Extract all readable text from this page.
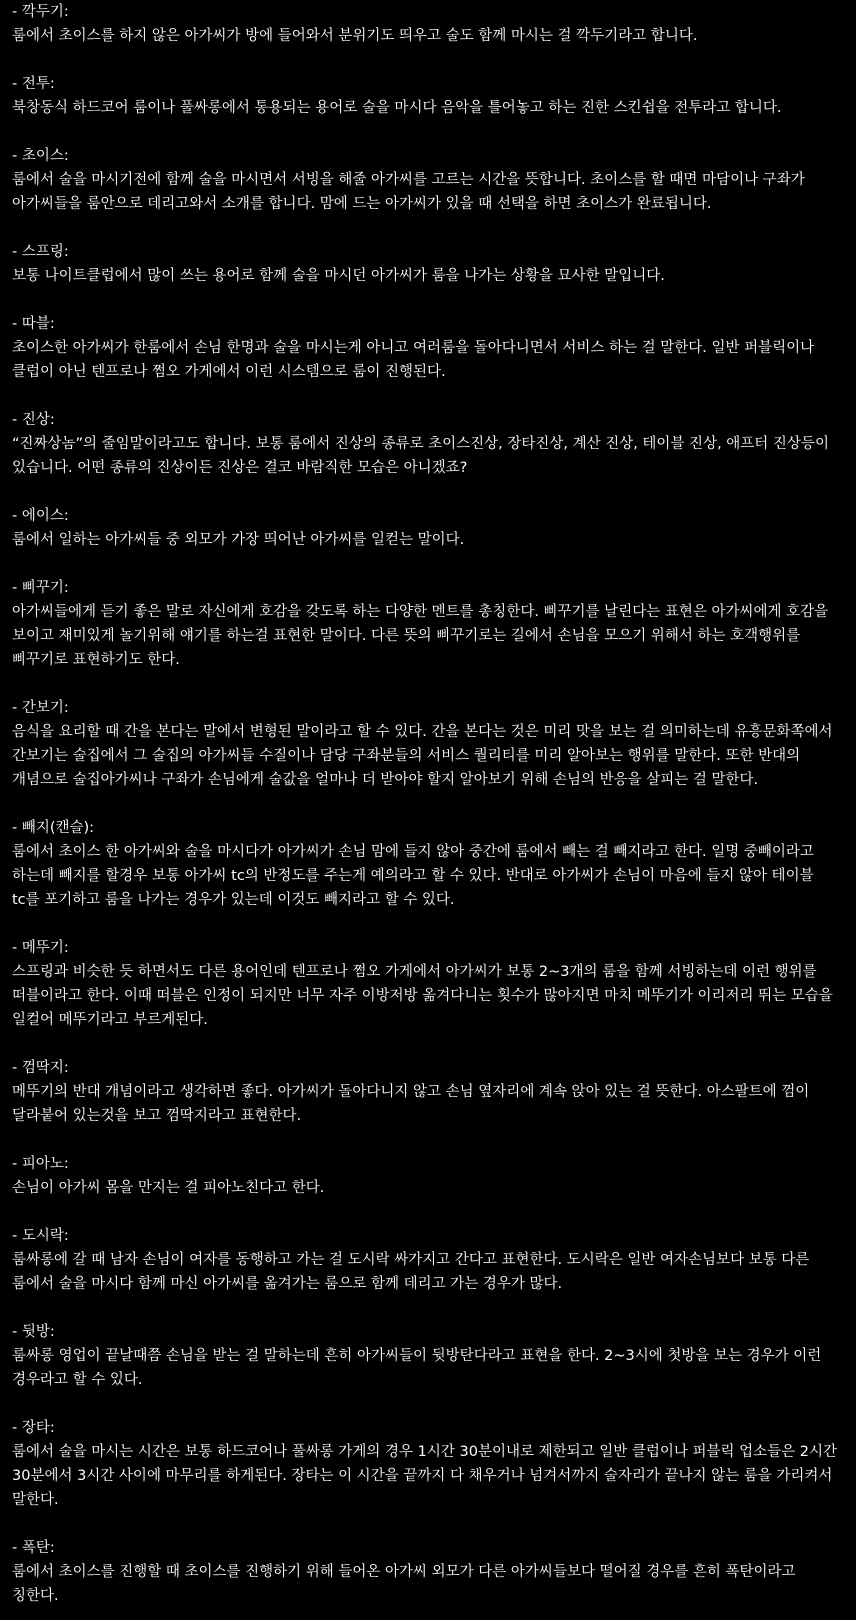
- 깍두기:
룸에서 초이스를 하지 않은 아가씨가 방에 들어와서 분위기도 띄우고 술도 함께 마시는 걸 깍두기라고 합니다.
- 전투:
북창동식 하드코어 룸이나 풀싸롱에서 통용되는 용어로 술을 마시다 음악을 틀어놓고 하는 진한 스킨쉽을 전투라고 합니다.
- 초이스:
룸에서 술을 마시기전에 함께 술을 마시면서 서빙을 해줄 아가씨를 고르는 시간을 뜻합니다. 초이스를 할 때면 마담이나 구좌가 아가씨들을 룸안으로 데리고와서 소개를 합니다. 맘에 드는 아가씨가 있을 때 선택을 하면 초이스가 완료됩니다.
- 스프링:
보통 나이트클럽에서 많이 쓰는 용어로 함께 술을 마시던 아가씨가 룸을 나가는 상황을 묘사한 말입니다.
- 따블:
초이스한 아가씨가 한룸에서 손님 한명과 술을 마시는게 아니고 여러룸을 돌아다니면서 서비스 하는 걸 말한다. 일반 퍼블릭이나 클럽이 아닌 텐프로나 쩜오 가게에서 이런 시스템으로 룸이 진행된다.
- 진상:
“진짜상놈”의 줄임말이라고도 합니다. 보통 룸에서 진상의 종류로 초이스진상, 장타진상, 계산 진상, 테이블 진상, 애프터 진상등이 있습니다. 어떤 종류의 진상이든 진상은 결코 바람직한 모습은 아니겠죠?
- 에이스:
룸에서 일하는 아가씨들 중 외모가 가장 띄어난 아가씨를 일컫는 말이다.
- 삐꾸기:
아가씨들에게 듣기 좋은 말로 자신에게 호감을 갖도록 하는 다양한 멘트를 총칭한다. 삐꾸기를 날린다는 표현은 아가씨에게 호감을 보이고 재미있게 놀기위해 얘기를 하는걸 표현한 말이다. 다른 뜻의 삐꾸기로는 길에서 손님을 모으기 위해서 하는 호객행위를 삐꾸기로 표현하기도 한다.
- 간보기:
음식을 요리할 때 간을 본다는 말에서 변형된 말이라고 할 수 있다. 간을 본다는 것은 미리 맛을 보는 걸 의미하는데 유흥문화쪽에서 간보기는 술집에서 그 술집의 아가씨들 수질이나 담당 구좌분들의 서비스 퀄리티를 미리 알아보는 행위를 말한다. 또한 반대의 개념으로 술집아가씨나 구좌가 손님에게 술값을 얼마나 더 받아야 할지 알아보기 위해 손님의 반응을 살피는 걸 말한다.
- 빼지(캔슬):
룸에서 초이스 한 아가씨와 술을 마시다가 아가씨가 손님 맘에 들지 않아 중간에 룸에서 빼는 걸 빼지라고 한다. 일명 중빼이라고 하는데 빼지를 할경우 보통 아가씨 tc의 반정도를 주는게 예의라고 할 수 있다. 반대로 아가씨가 손님이 마음에 들지 않아 테이블 tc를 포기하고 룸을 나가는 경우가 있는데 이것도 빼지라고 할 수 있다.
- 메뚜기:
스프링과 비슷한 듯 하면서도 다른 용어인데 텐프로나 쩜오 가게에서 아가씨가 보통 2~3개의 룸을 함께 서빙하는데 이런 행위를 떠블이라고 한다. 이때 떠블은 인정이 되지만 너무 자주 이방저방 옮겨다니는 횟수가 많아지면 마치 메뚜기가 이리저리 뛰는 모습을 일컬어 메뚜기라고 부르게된다.
- 껌딱지:
메뚜기의 반대 개념이라고 생각하면 좋다. 아가씨가 돌아다니지 않고 손님 옆자리에 계속 앉아 있는 걸 뜻한다. 아스팔트에 껌이 달라붙어 있는것을 보고 껌딱지라고 표현한다.
- 피아노:
손님이 아가씨 몸을 만지는 걸 피아노친다고 한다.
- 도시락:
룸싸롱에 갈 때 남자 손님이 여자를 동행하고 가는 걸 도시락 싸가지고 간다고 표현한다. 도시락은 일반 여자손님보다 보통 다른 룸에서 술을 마시다 함께 마신 아가씨를 옮겨가는 룸으로 함께 데리고 가는 경우가 많다.
- 뒷방:
룸싸롱 영업이 끝날때쯤 손님을 받는 걸 말하는데 흔히 아가씨들이 뒷방탄다라고 표현을 한다. 2~3시에 첫방을 보는 경우가 이런 경우라고 할 수 있다.
- 장타:
룸에서 술을 마시는 시간은 보통 하드코어나 풀싸롱 가게의 경우 1시간 30분이내로 제한되고 일반 클럽이나 퍼블릭 업소들은 2시간 30분에서 3시간 사이에 마무리를 하게된다. 장타는 이 시간을 끝까지 다 채우거나 넘겨서까지 술자리가 끝나지 않는 룸을 가리켜서 말한다.
- 폭탄:
룸에서 초이스를 진행할 때 초이스를 진행하기 위해 들어온 아가씨 외모가 다른 아가씨들보다 떨어질 경우를 흔히 폭탄이라고 칭한다.
